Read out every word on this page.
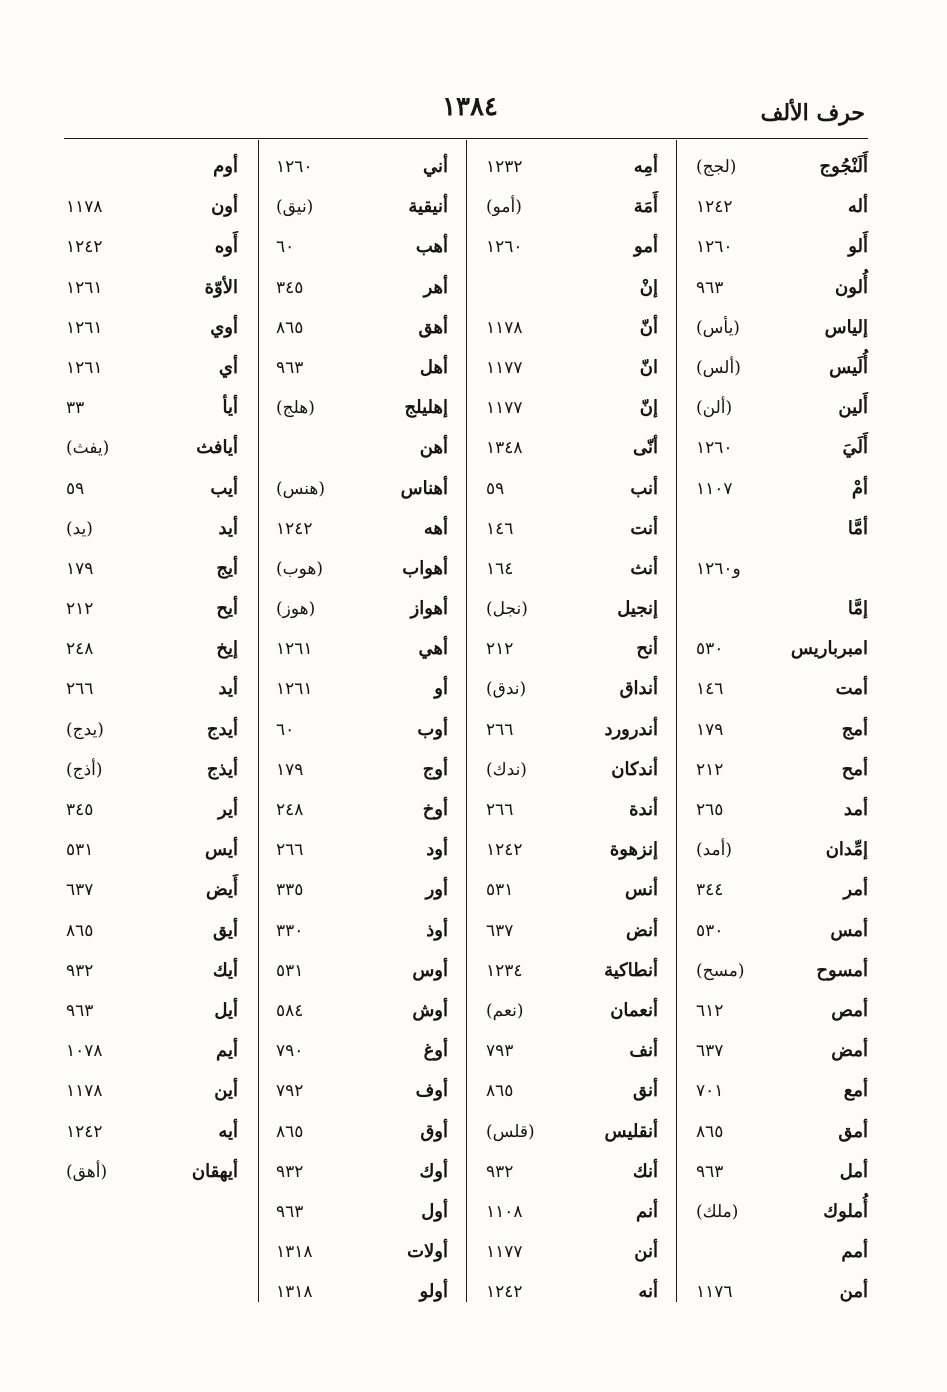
حرف الألف
١٣٨٤
أَلَنْجُوج
(لجج)
أله
١٢٤٢
أَلو
١٢٦٠
أُلون
٩٦٣
إلياس
(يأس)
أُلَيس
(ألس)
أَلين
(ألن)
أَلَيَ
١٢٦٠
أمْ
١١٠٧
أمَّا
و١٢٦٠
إمَّا
امبرباريس
٥٣٠
أمت
١٤٦
أمج
١٧٩
أمح
٢١٢
أمد
٢٦٥
إمِّدان
(أمد)
أمر
٣٤٤
أمس
٥٣٠
أمسوح
(مسح)
أمص
٦١٢
أمض
٦٣٧
أمع
٧٠١
أمق
٨٦٥
أمل
٩٦٣
أُملوك
(ملك)
أمم
أمن
١١٧٦
أمِه
١٢٣٢
أَمَة
(أمو)
أمو
١٢٦٠
إنْ
أنّ
١١٧٨
انّ
١١٧٧
إنّ
١١٧٧
أنّى
١٣٤٨
أنب
٥٩
أنت
١٤٦
أنث
١٦٤
إنجيل
(نجل)
أنح
٢١٢
أنداق
(ندق)
أندرورد
٢٦٦
أندكان
(ندك)
أندة
٢٦٦
إنزهوة
١٢٤٢
أنس
٥٣١
أنض
٦٣٧
أنطاكية
١٢٣٤
أنعمان
(نعم)
أنف
٧٩٣
أنق
٨٦٥
أنقليس
(قلس)
أنك
٩٣٢
أنم
١١٠٨
أنن
١١٧٧
أنه
١٢٤٢
أني
١٢٦٠
أنيقية
(نيق)
أهب
٦٠
أهر
٣٤٥
أهق
٨٦٥
أهل
٩٦٣
إهليلج
(هلج)
أهن
أهناس
(هنس)
أهه
١٢٤٢
أهواب
(هوب)
أهواز
(هوز)
أهي
١٢٦١
أو
١٢٦١
أوب
٦٠
أوج
١٧٩
أوخ
٢٤٨
أود
٢٦٦
أور
٣٣٥
أوذ
٣٣٠
أوس
٥٣١
أوش
٥٨٤
أوغ
٧٩٠
أوف
٧٩٢
أوق
٨٦٥
أوك
٩٣٢
أول
٩٦٣
أولات
١٣١٨
أولو
١٣١٨
أوم
أون
١١٧٨
أَوه
١٢٤٢
الأوّة
١٢٦١
أوي
١٢٦١
أي
١٢٦١
أيأ
٣٣
أيافث
(يفث)
أيب
٥٩
أيد
(يد)
أيج
١٧٩
أيح
٢١٢
إيخ
٢٤٨
أيد
٢٦٦
أيدج
(يدج)
أيذج
(أذج)
أير
٣٤٥
أيس
٥٣١
أَيض
٦٣٧
أيق
٨٦٥
أيك
٩٣٢
أيل
٩٦٣
أيم
١٠٧٨
أين
١١٧٨
أيه
١٢٤٢
أيهقان
(أهق)
